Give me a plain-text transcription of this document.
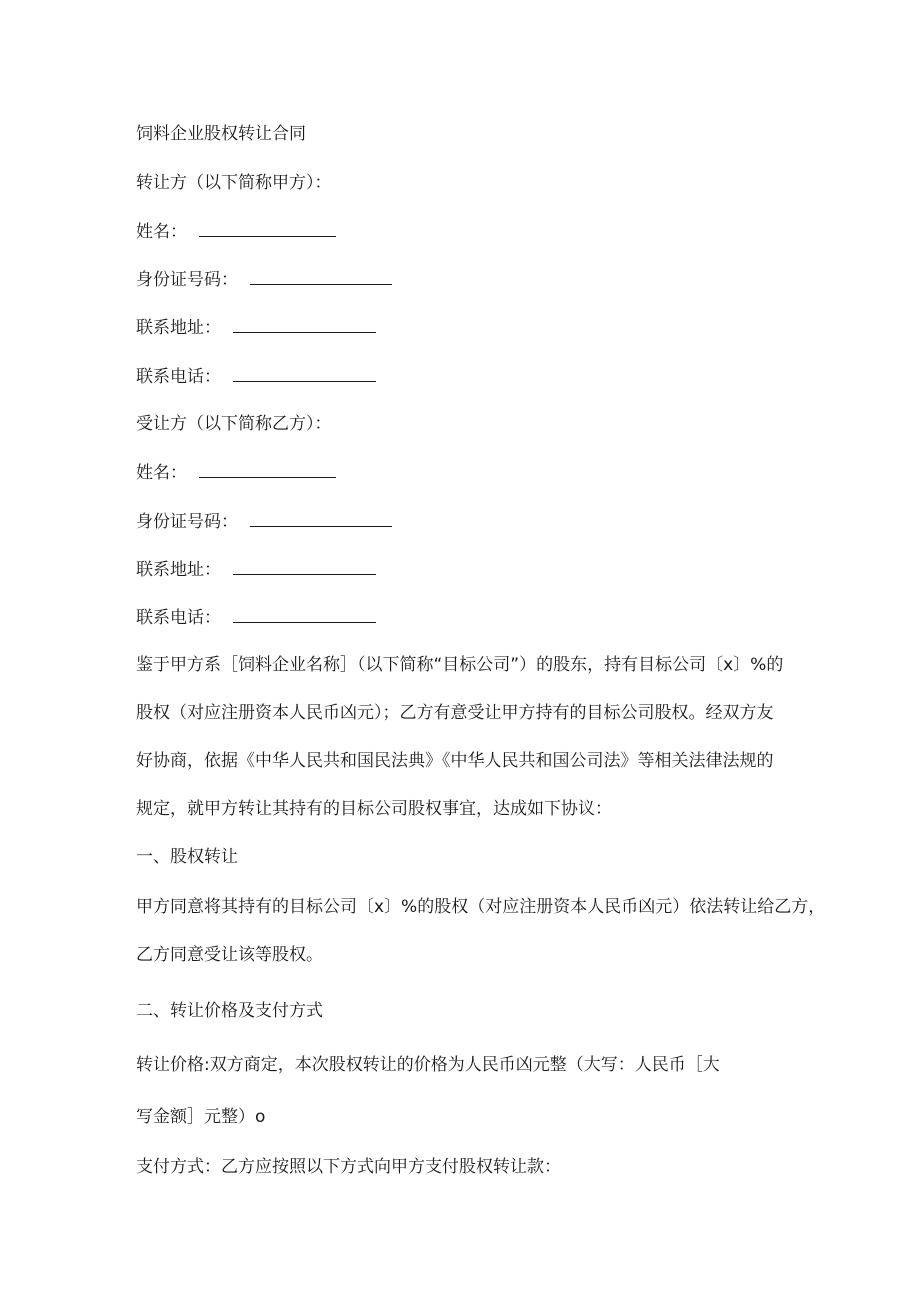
饲料企业股权转让合同
转让方（以下简称甲方）：
姓名：
身份证号码：
联系地址：
联系电话：
受让方（以下简称乙方）：
姓名：
身份证号码：
联系地址：
联系电话：
鉴于甲方系［饲料企业名称］（以下简称“目标公司”）的股东，持有目标公司〔x〕%的
股权（对应注册资本人民币凶元）；乙方有意受让甲方持有的目标公司股权。经双方友
好协商，依据《中华人民共和国民法典》《中华人民共和国公司法》等相关法律法规的
规定，就甲方转让其持有的目标公司股权事宜，达成如下协议：
一、股权转让
甲方同意将其持有的目标公司〔x〕%的股权（对应注册资本人民币凶元）依法转让给乙方，
乙方同意受让该等股权。
二、转让价格及支付方式
转让价格:双方商定，本次股权转让的价格为人民币凶元整（大写：人民币［大
写金额］元整）o
支付方式：乙方应按照以下方式向甲方支付股权转让款：
